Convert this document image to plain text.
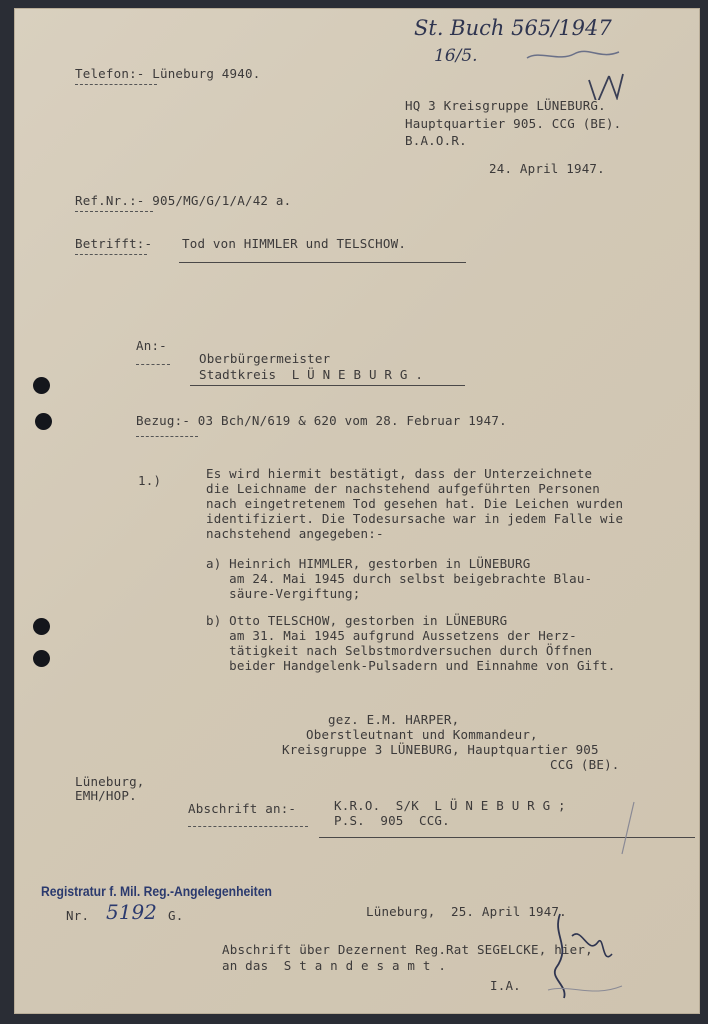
St. Buch 565/1947
16/5.
Telefon:- Lüneburg 4940.
HQ 3 Kreisgruppe LÜNEBURG.
Hauptquartier 905. CCG (BE).
B.A.O.R.
24. April 1947.
Ref.Nr.:- 905/MG/G/1/A/42 a.
Betrifft:- Tod von HIMMLER und TELSCHOW.
An:-
Oberbürgermeister
Stadtkreis  L Ü N E B U R G .
Bezug:- 03 Bch/N/619 & 620 vom 28. Februar 1947.
1.)	Es wird hiermit bestätigt, dass der Unterzeichnete
die Leichname der nachstehend aufgeführten Personen
nach eingetretenem Tod gesehen hat. Die Leichen wurden
identifiziert. Die Todesursache war in jedem Falle wie
nachstehend angegeben:-
a) Heinrich HIMMLER, gestorben in LÜNEBURG
am 24. Mai 1945 durch selbst beigebrachte Blau-
säure-Vergiftung;
b) Otto TELSCHOW, gestorben in LÜNEBURG
am 31. Mai 1945 aufgrund Aussetzens der Herz-
tätigkeit nach Selbstmordversuchen durch Öffnen
beider Handgelenk-Pulsadern und Einnahme von Gift.
gez. E.M. HARPER,
Oberstleutnant und Kommandeur,
Kreisgruppe 3 LÜNEBURG, Hauptquartier 905
CCG (BE).
Lüneburg,
EMH/HOP.
Abschrift an:-	K.R.O.  S/K  L Ü N E B U R G ;
P.S.  905  CCG.
Registratur f. Mil. Reg.-Angelegenheiten
Nr. 5192 G.	Lüneburg,  25. April 1947.
Abschrift über Dezernent Reg.Rat SEGELCKE, hier,
an das  S t a n d e s a m t .
I.A.
